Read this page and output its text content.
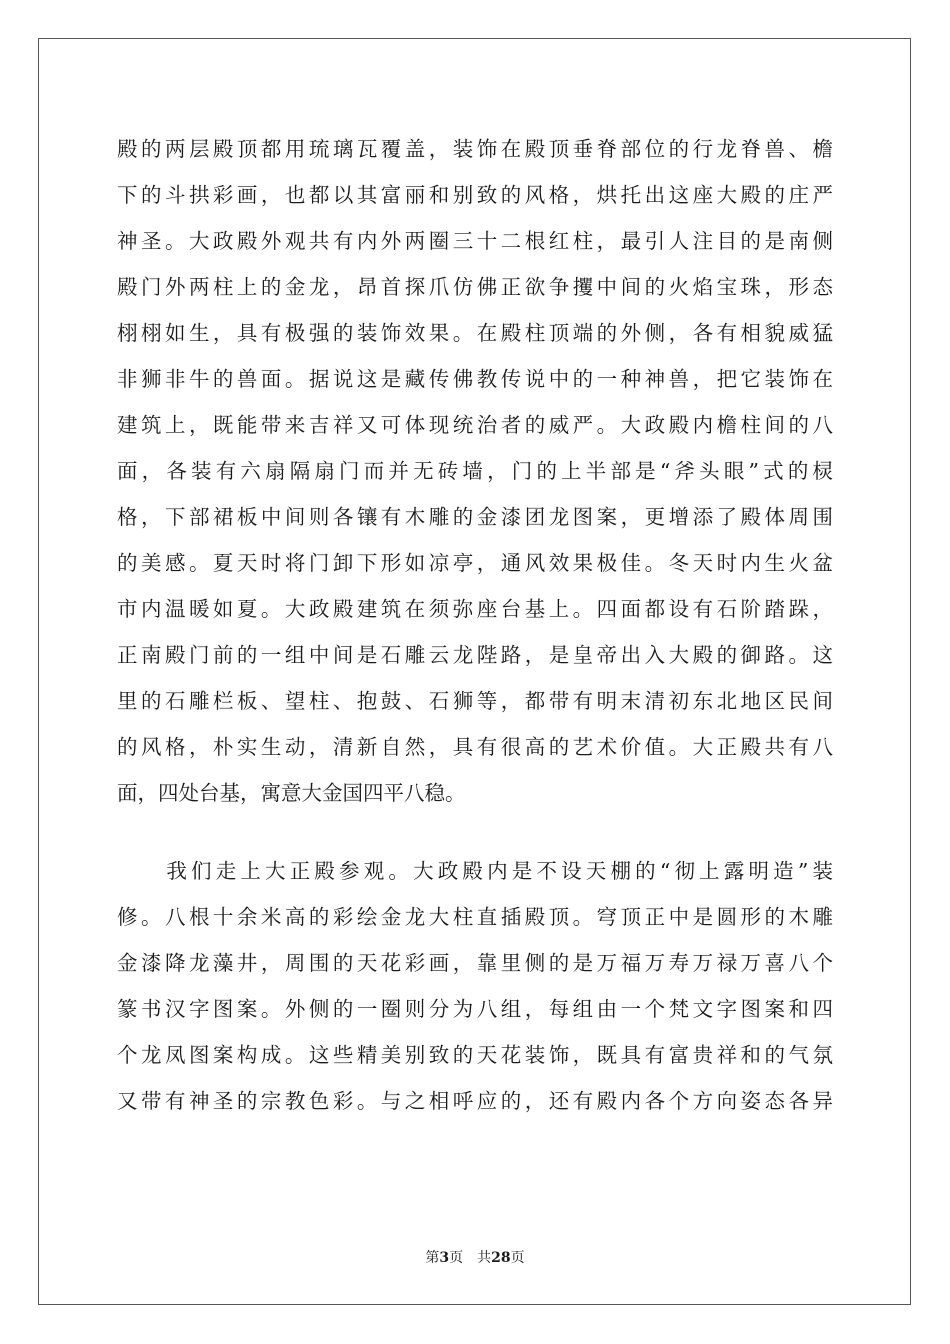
殿的两层殿顶都用琉璃瓦覆盖，装饰在殿顶垂脊部位的行龙脊兽、檐
下的斗拱彩画，也都以其富丽和别致的风格，烘托出这座大殿的庄严
神圣。大政殿外观共有内外两圈三十二根红柱，最引人注目的是南侧
殿门外两柱上的金龙，昂首探爪仿佛正欲争攫中间的火焰宝珠，形态
栩栩如生，具有极强的装饰效果。在殿柱顶端的外侧，各有相貌威猛
非狮非牛的兽面。据说这是藏传佛教传说中的一种神兽，把它装饰在
建筑上，既能带来吉祥又可体现统治者的威严。大政殿内檐柱间的八
面，各装有六扇隔扇门而并无砖墙，门的上半部是“斧头眼”式的棂
格，下部裙板中间则各镶有木雕的金漆团龙图案，更增添了殿体周围
的美感。夏天时将门卸下形如凉亭，通风效果极佳。冬天时内生火盆
市内温暖如夏。大政殿建筑在须弥座台基上。四面都设有石阶踏跺，
正南殿门前的一组中间是石雕云龙陛路，是皇帝出入大殿的御路。这
里的石雕栏板、望柱、抱鼓、石狮等，都带有明末清初东北地区民间
的风格，朴实生动，清新自然，具有很高的艺术价值。大正殿共有八
面，四处台基，寓意大金国四平八稳。
　　我们走上大正殿参观。大政殿内是不设天棚的“彻上露明造”装
修。八根十余米高的彩绘金龙大柱直插殿顶。穹顶正中是圆形的木雕
金漆降龙藻井，周围的天花彩画，靠里侧的是万福万寿万禄万喜八个
篆书汉字图案。外侧的一圈则分为八组，每组由一个梵文字图案和四
个龙凤图案构成。这些精美别致的天花装饰，既具有富贵祥和的气氛
又带有神圣的宗教色彩。与之相呼应的，还有殿内各个方向姿态各异
第3页　共28页
